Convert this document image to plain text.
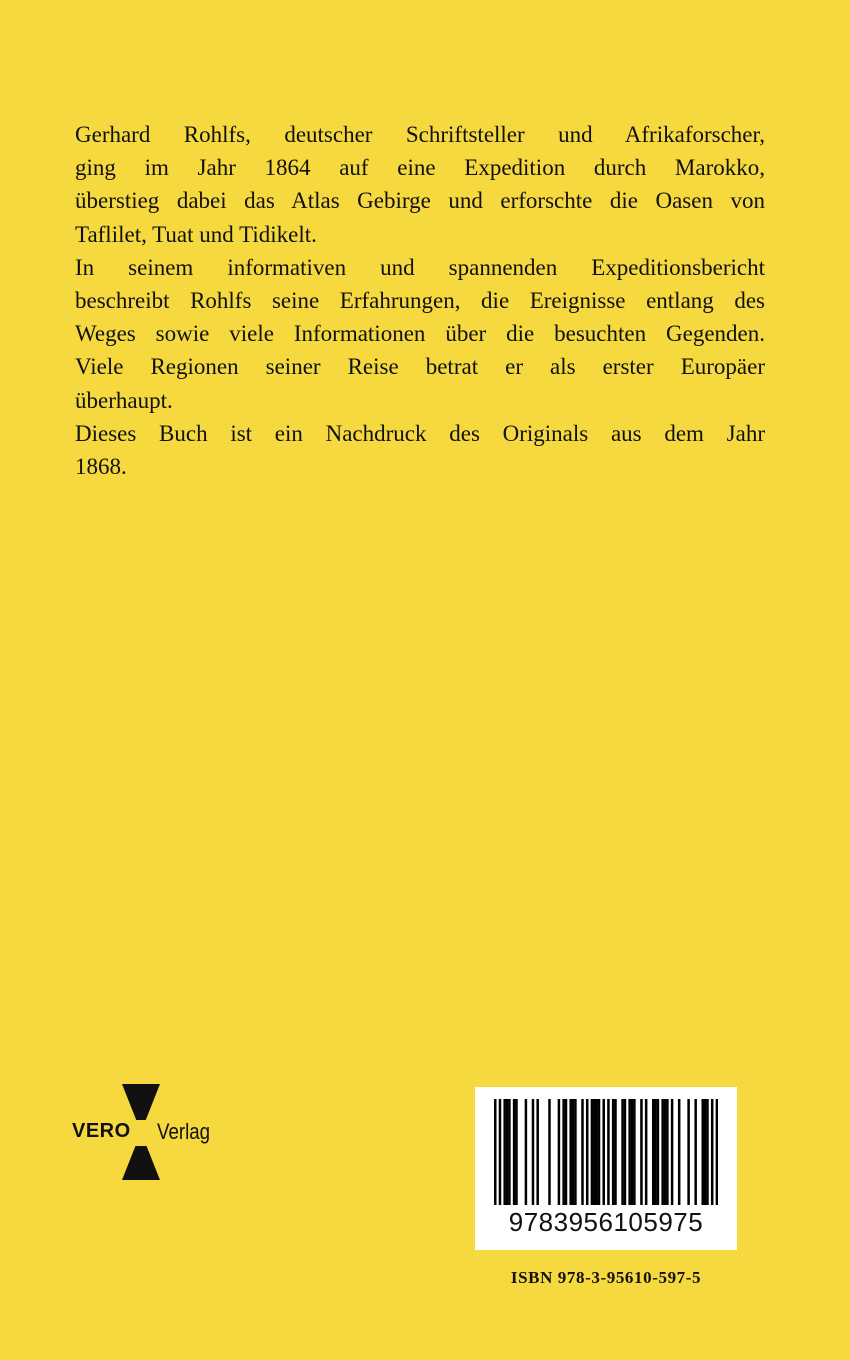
Gerhard Rohlfs, deutscher Schriftsteller und Afrikaforscher,

ging im Jahr 1864 auf eine Expedition durch Marokko,

überstieg dabei das Atlas Gebirge und erforschte die Oasen von

Taflilet, Tuat und Tidikelt.

In seinem informativen und spannenden Expeditionsbericht

beschreibt Rohlfs seine Erfahrungen, die Ereignisse entlang des

Weges sowie viele Informationen über die besuchten Gegenden.

Viele Regionen seiner Reise betrat er als erster Europäer

überhaupt.

Dieses Buch ist ein Nachdruck des Originals aus dem Jahr

1868.

VERO Verlag
9783956105975
ISBN 978-3-95610-597-5
